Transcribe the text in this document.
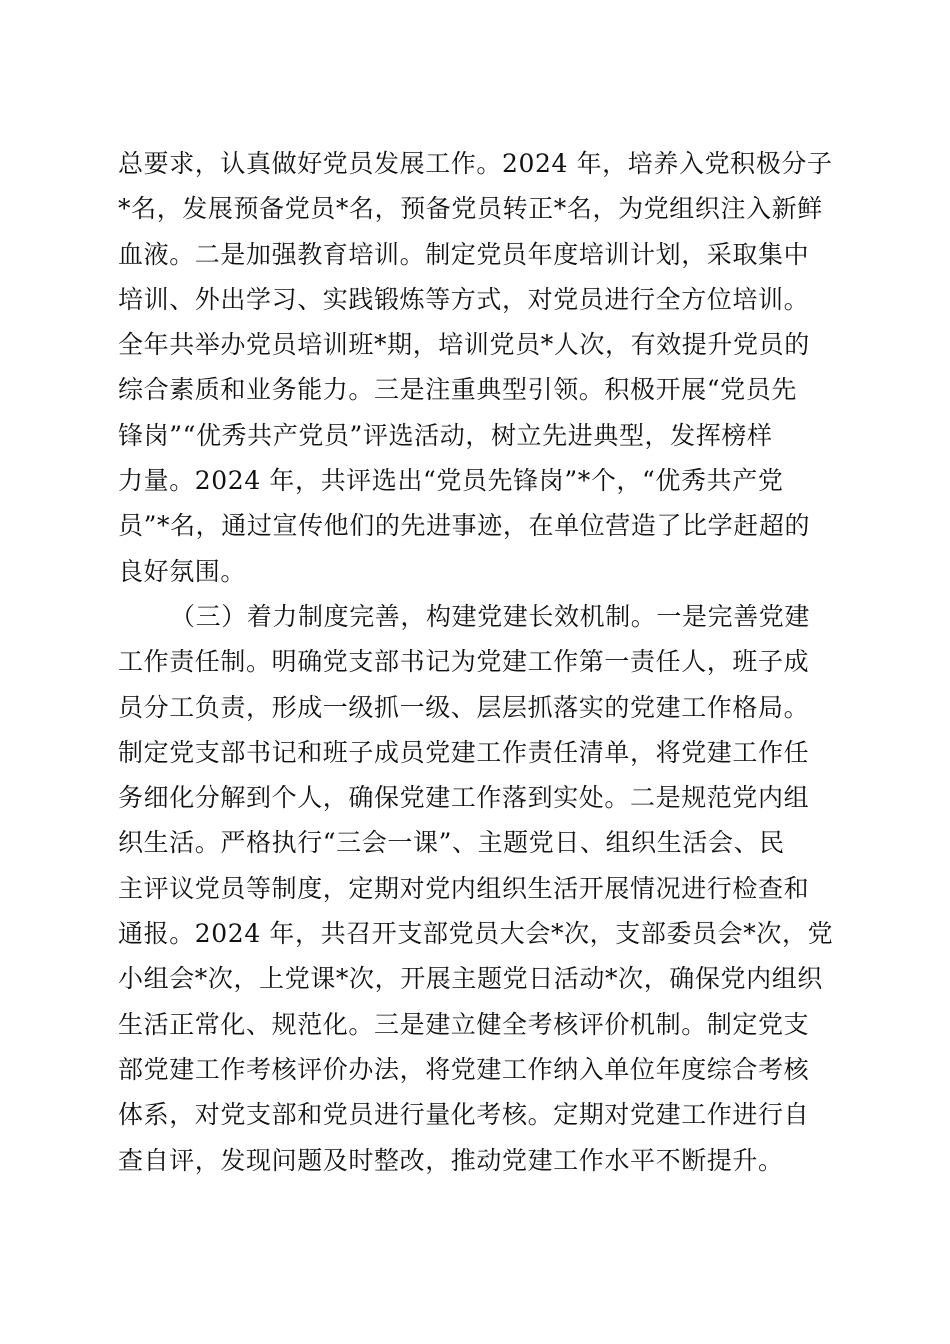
总要求，认真做好党员发展工作。2024 年，培养入党积极分子
*名，发展预备党员*名，预备党员转正*名，为党组织注入新鲜
血液。二是加强教育培训。制定党员年度培训计划，采取集中
培训、外出学习、实践锻炼等方式，对党员进行全方位培训。
全年共举办党员培训班*期，培训党员*人次，有效提升党员的
综合素质和业务能力。三是注重典型引领。积极开展“党员先
锋岗”“优秀共产党员”评选活动，树立先进典型，发挥榜样
力量。2024 年，共评选出“党员先锋岗”*个，“优秀共产党
员”*名，通过宣传他们的先进事迹，在单位营造了比学赶超的
良好氛围。
（三）着力制度完善，构建党建长效机制。一是完善党建
工作责任制。明确党支部书记为党建工作第一责任人，班子成
员分工负责，形成一级抓一级、层层抓落实的党建工作格局。
制定党支部书记和班子成员党建工作责任清单，将党建工作任
务细化分解到个人，确保党建工作落到实处。二是规范党内组
织生活。严格执行“三会一课”、主题党日、组织生活会、民
主评议党员等制度，定期对党内组织生活开展情况进行检查和
通报。2024 年，共召开支部党员大会*次，支部委员会*次，党
小组会*次，上党课*次，开展主题党日活动*次，确保党内组织
生活正常化、规范化。三是建立健全考核评价机制。制定党支
部党建工作考核评价办法，将党建工作纳入单位年度综合考核
体系，对党支部和党员进行量化考核。定期对党建工作进行自
查自评，发现问题及时整改，推动党建工作水平不断提升。
